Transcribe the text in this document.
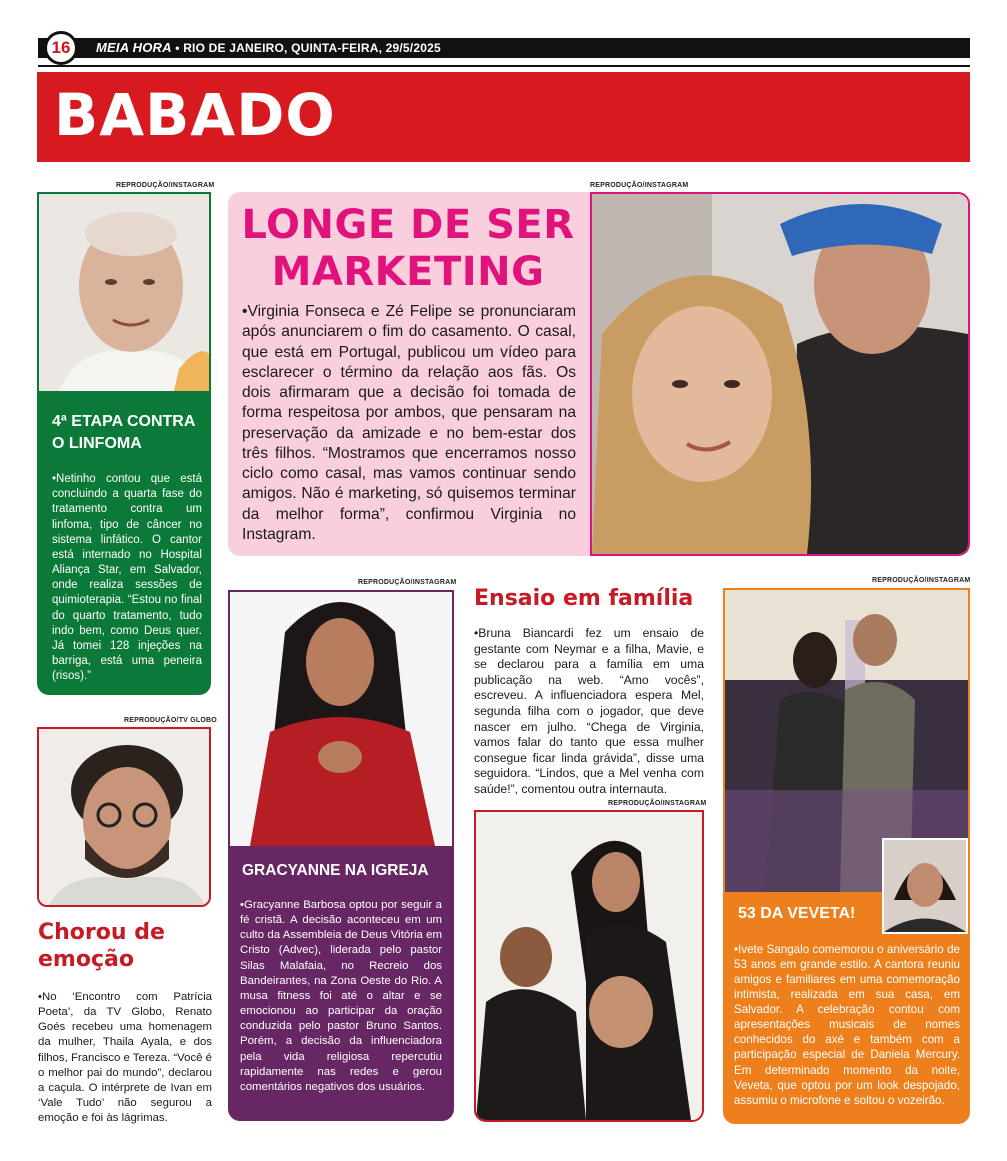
16	MEIA HORA • RIO DE JANEIRO, QUINTA-FEIRA, 29/5/2025
BABADO
REPRODUÇÃO/INSTAGRAM
4ª ETAPA CONTRA O LINFOMA
•Netinho contou que está concluindo a quarta fase do tratamento contra um linfoma, tipo de câncer no sistema linfático. O cantor está internado no Hospital Aliança Star, em Salvador, onde realiza sessões de quimioterapia. “Estou no final do quarto tratamento, tudo indo bem, como Deus quer. Já tomei 128 injeções na barriga, está uma peneira (risos).”
LONGE DE SER MARKETING
•Virginia Fonseca e Zé Felipe se pronunciaram após anunciarem o fim do casamento. O casal, que está em Portugal, publicou um vídeo para esclarecer o término da relação aos fãs. Os dois afirmaram que a decisão foi tomada de forma respeitosa por ambos, que pensaram na preservação da amizade e no bem-estar dos três filhos. “Mostramos que encerramos nosso ciclo como casal, mas vamos continuar sendo amigos. Não é marketing, só quisemos terminar da melhor forma”, confirmou Virginia no Instagram.
REPRODUÇÃO/INSTAGRAM
REPRODUÇÃO/INSTAGRAM
GRACYANNE NA IGREJA
•Gracyanne Barbosa optou por seguir a fé cristã. A decisão aconteceu em um culto da Assembleia de Deus Vitória em Cristo (Advec), liderada pelo pastor Silas Malafaia, no Recreio dos Bandeirantes, na Zona Oeste do Rio. A musa fitness foi até o altar e se emocionou ao participar da oração conduzida pelo pastor Bruno Santos. Porém, a decisão da influenciadora pela vida religiosa repercutiu rapidamente nas redes e gerou comentários negativos dos usuários.
REPRODUÇÃO/TV GLOBO
Chorou de emoção
•No ‘Encontro com Patrícia Poeta’, da TV Globo, Renato Goés recebeu uma homenagem da mulher, Thaila Ayala, e dos filhos, Francisco e Tereza. “Você é o melhor pai do mundo”, declarou a caçula. O intérprete de Ivan em ‘Vale Tudo’ não segurou a emoção e foi às lágrimas.
Ensaio em família
•Bruna Biancardi fez um ensaio de gestante com Neymar e a filha, Mavie, e se declarou para a família em uma publicação na web. “Amo vocês”, escreveu. A influenciadora espera Mel, segunda filha com o jogador, que deve nascer em julho. “Chega de Virginia, vamos falar do tanto que essa mulher consegue ficar linda grávida”, disse uma seguidora. “Lindos, que a Mel venha com saúde!”, comentou outra internauta.
REPRODUÇÃO/INSTAGRAM
REPRODUÇÃO/INSTAGRAM
53 DA VEVETA!
•Ivete Sangalo comemorou o aniversário de 53 anos em grande estilo. A cantora reuniu amigos e familiares em uma comemoração intimista, realizada em sua casa, em Salvador. A celebração contou com apresentações musicais de nomes conhecidos do axé e também com a participação especial de Daniela Mercury. Em determinado momento da noite, Veveta, que optou por um look despojado, assumiu o microfone e soltou o vozeirão.
